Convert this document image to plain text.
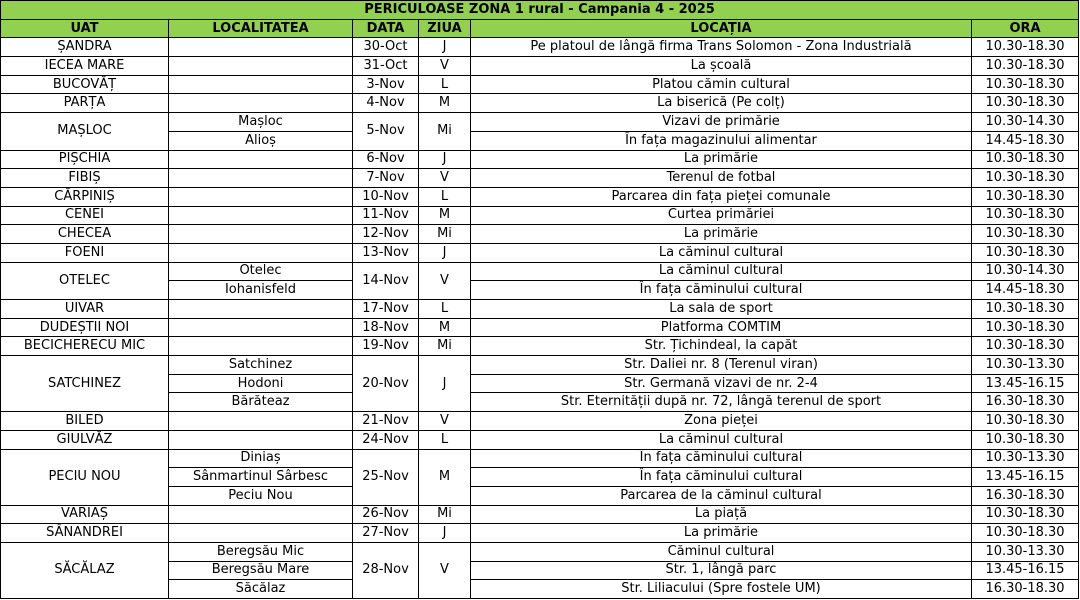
PERICULOASE ZONA 1 rural - Campania 4 - 2025					
UAT	LOCALITATEA	DATA	ZIUA	LOCAȚIA	ORA
ȘANDRA		30-Oct	J	Pe platoul de lângă firma Trans Solomon - Zona Industrială	10.30-18.30
IECEA MARE		31-Oct	V	La școală	10.30-18.30
BUCOVĂȚ		3-Nov	L	Platou cămin cultural	10.30-18.30
PARȚA		4-Nov	M	La biserică (Pe colț)	10.30-18.30
MAȘLOC	Mașloc	5-Nov	Mi	Vizavi de primărie	10.30-14.30
	Alioș			În fața magazinului alimentar	14.45-18.30
PIȘCHIA		6-Nov	J	La primărie	10.30-18.30
FIBIȘ		7-Nov	V	Terenul de fotbal	10.30-18.30
CĂRPINIȘ		10-Nov	L	Parcarea din fața pieței comunale	10.30-18.30
CENEI		11-Nov	M	Curtea primăriei	10.30-18.30
CHECEA		12-Nov	Mi	La primărie	10.30-18.30
FOENI		13-Nov	J	La căminul cultural	10.30-18.30
OTELEC	Otelec	14-Nov	V	La căminul cultural	10.30-14.30
	Iohanisfeld			În fața căminului cultural	14.45-18.30
UIVAR		17-Nov	L	La sala de sport	10.30-18.30
DUDEȘTII NOI		18-Nov	M	Platforma COMTIM	10.30-18.30
BECICHERECU MIC		19-Nov	Mi	Str. Țichindeal, la capăt	10.30-18.30
SATCHINEZ	Satchinez	20-Nov	J	Str. Daliei nr. 8 (Terenul viran)	10.30-13.30
	Hodoni			Str. Germană vizavi de nr. 2-4	13.45-16.15
	Bărăteaz			Str. Eternității după nr. 72, lângă terenul de sport	16.30-18.30
BILED		21-Nov	V	Zona pieței	10.30-18.30
GIULVĂZ		24-Nov	L	La căminul cultural	10.30-18.30
PECIU NOU	Diniaș	25-Nov	M	În fața căminului cultural	10.30-13.30
	Sânmartinul Sârbesc			În fața căminului cultural	13.45-16.15
	Peciu Nou			Parcarea de la căminul cultural	16.30-18.30
VARIAȘ		26-Nov	Mi	La piață	10.30-18.30
SÂNANDREI		27-Nov	J	La primărie	10.30-18.30
SĂCĂLAZ	Beregsău Mic	28-Nov	V	Căminul cultural	10.30-13.30
	Beregsău Mare			Str. 1, lângă parc	13.45-16.15
	Săcălaz			Str. Liliacului (Spre fostele UM)	16.30-18.30
